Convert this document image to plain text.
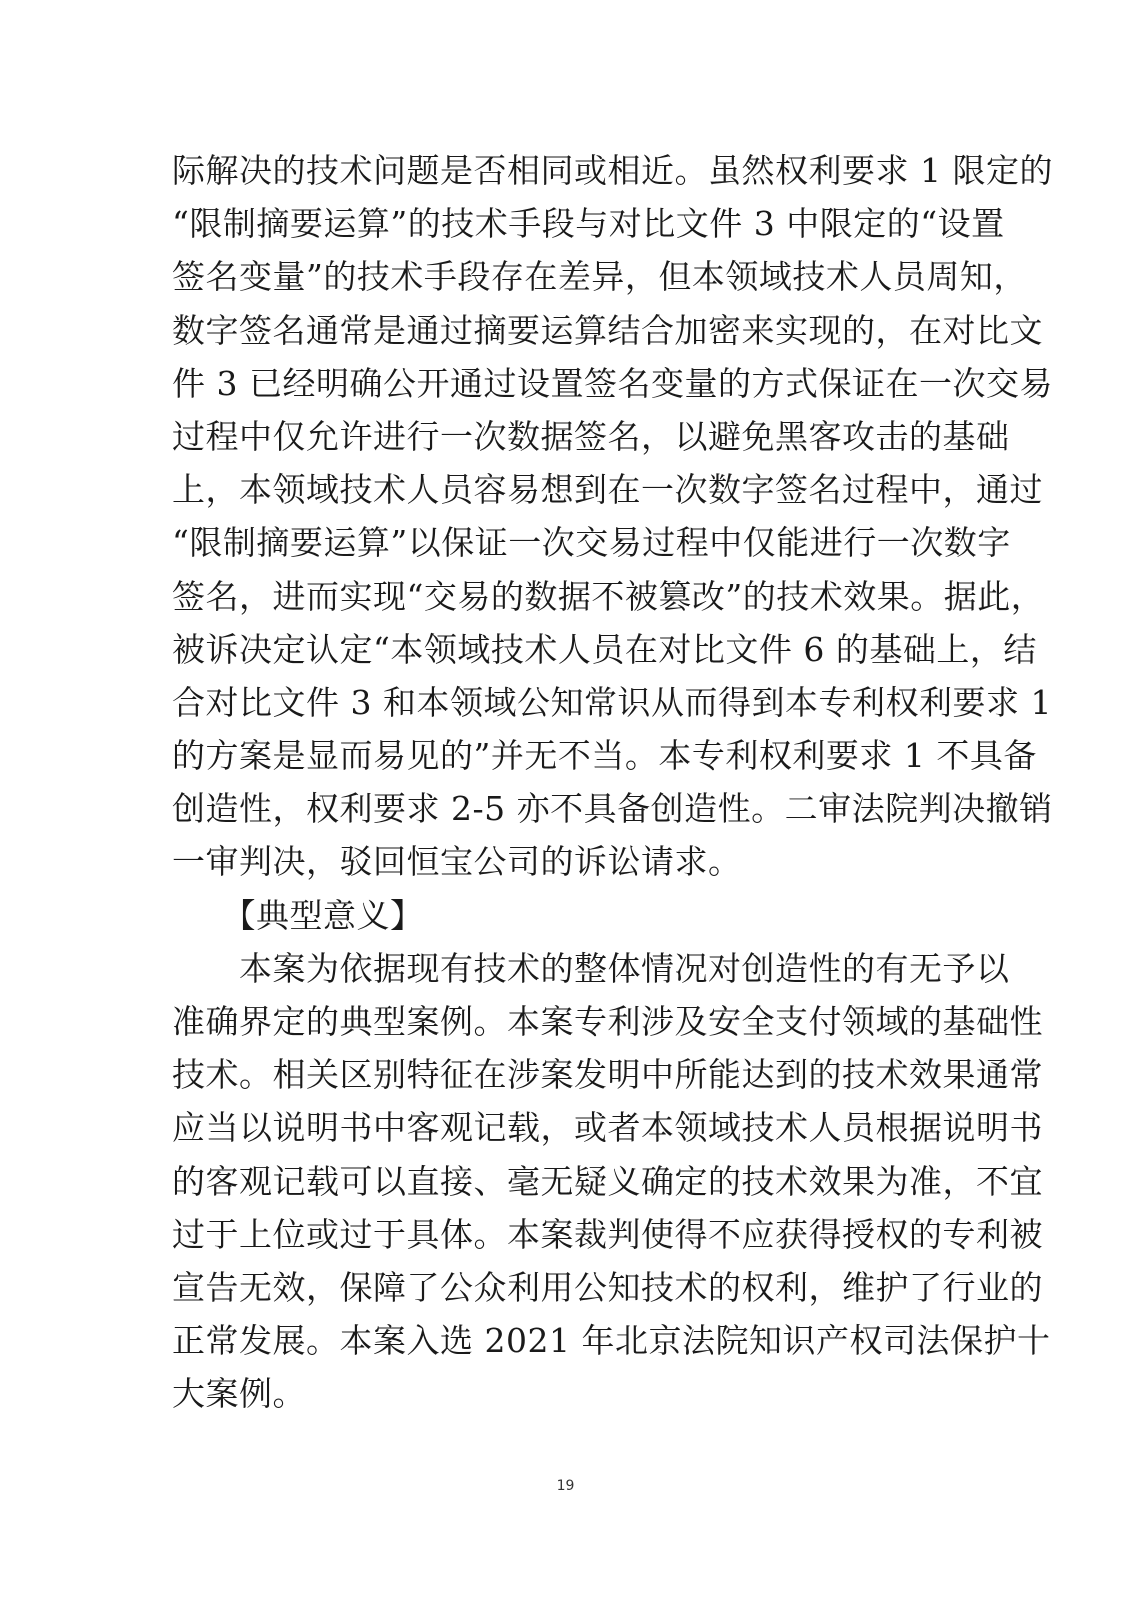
际解决的技术问题是否相同或相近。虽然权利要求 1 限定的
“限制摘要运算”的技术手段与对比文件 3 中限定的“设置
签名变量”的技术手段存在差异，但本领域技术人员周知，
数字签名通常是通过摘要运算结合加密来实现的，在对比文
件 3 已经明确公开通过设置签名变量的方式保证在一次交易
过程中仅允许进行一次数据签名，以避免黑客攻击的基础
上，本领域技术人员容易想到在一次数字签名过程中，通过
“限制摘要运算”以保证一次交易过程中仅能进行一次数字
签名，进而实现“交易的数据不被篡改”的技术效果。据此，
被诉决定认定“本领域技术人员在对比文件 6 的基础上，结
合对比文件 3 和本领域公知常识从而得到本专利权利要求 1
的方案是显而易见的”并无不当。本专利权利要求 1 不具备
创造性，权利要求 2-5 亦不具备创造性。二审法院判决撤销
一审判决，驳回恒宝公司的诉讼请求。
　　【典型意义】
　　本案为依据现有技术的整体情况对创造性的有无予以
准确界定的典型案例。本案专利涉及安全支付领域的基础性
技术。相关区别特征在涉案发明中所能达到的技术效果通常
应当以说明书中客观记载，或者本领域技术人员根据说明书
的客观记载可以直接、毫无疑义确定的技术效果为准，不宜
过于上位或过于具体。本案裁判使得不应获得授权的专利被
宣告无效，保障了公众利用公知技术的权利，维护了行业的
正常发展。本案入选 2021 年北京法院知识产权司法保护十
大案例。
19
